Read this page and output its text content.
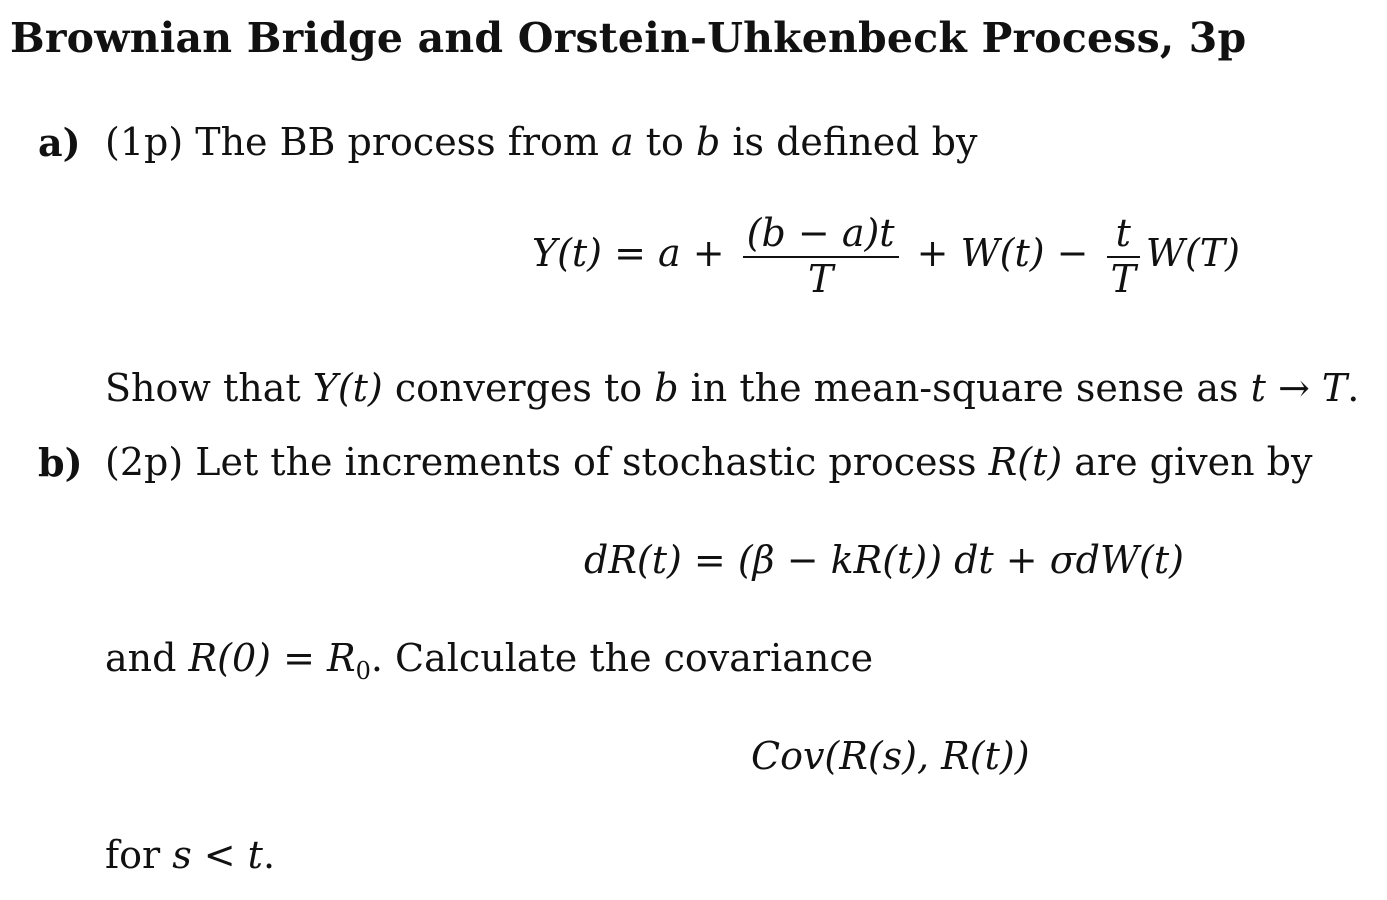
Brownian Bridge and Orstein-Uhkenbeck Process, 3p
a) (1p) The BB process from a to b is defined by
$Y(t) = a + \frac{(b - a)t}{T} + W(t) - \frac{t}{T} W(T)$
Show that Y(t) converges to b in the mean-square sense as t → T.
b) (2p) Let the increments of stochastic process R(t) are given by
dR(t) = (β − kR(t)) dt + σdW(t)
and $R(0) = R_0$. Calculate the covariance
Cov(R(s), R(t))
for s < t.
